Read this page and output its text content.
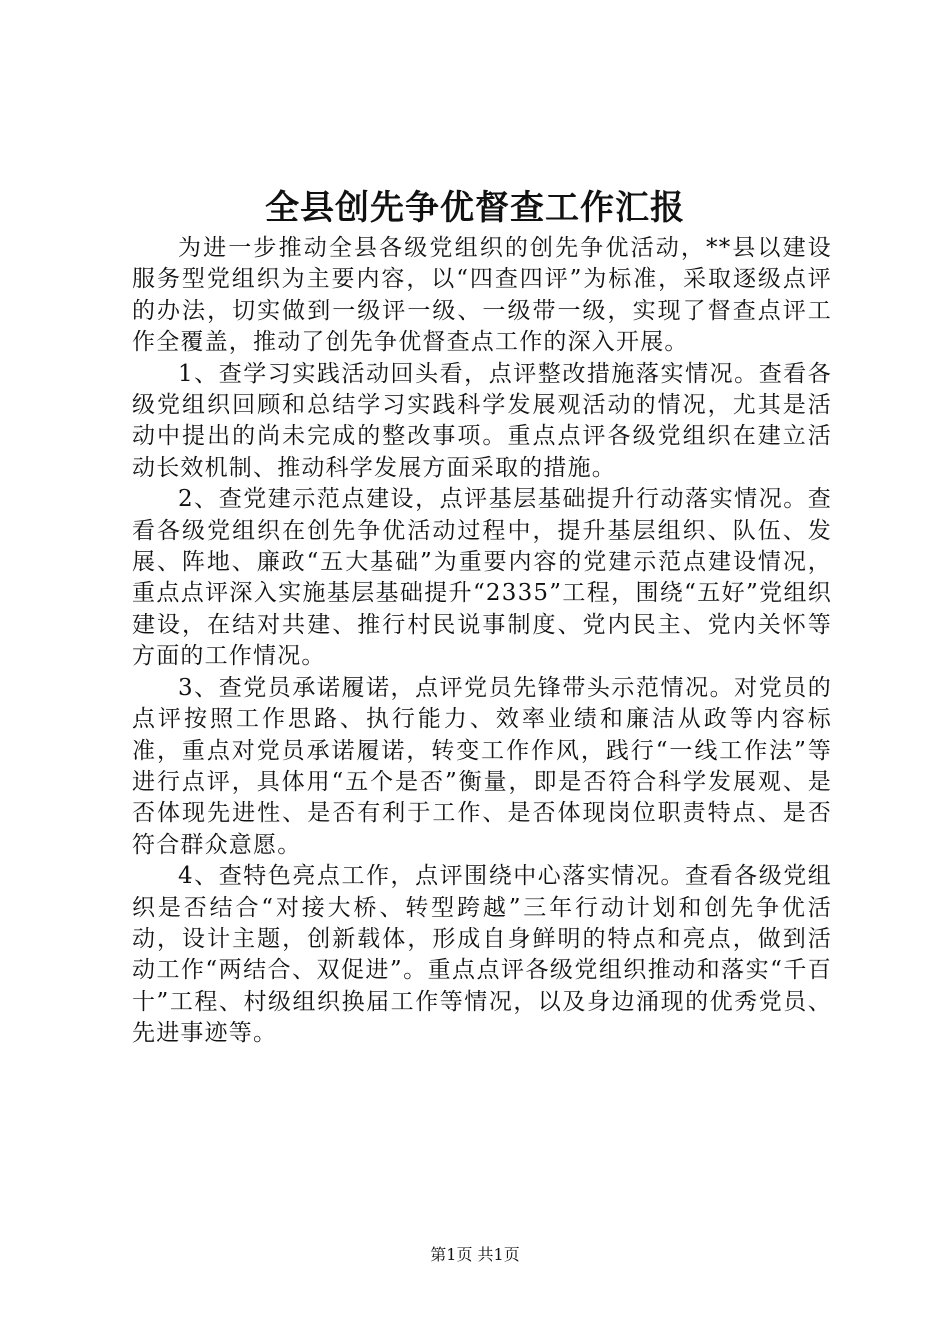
全县创先争优督查工作汇报

为进一步推动全县各级党组织的创先争优活动，**县以建设服务型党组织为主要内容，以“四查四评”为标准，采取逐级点评的办法，切实做到一级评一级、一级带一级，实现了督查点评工作全覆盖，推动了创先争优督查点工作的深入开展。

1、查学习实践活动回头看，点评整改措施落实情况。查看各级党组织回顾和总结学习实践科学发展观活动的情况，尤其是活动中提出的尚未完成的整改事项。重点点评各级党组织在建立活动长效机制、推动科学发展方面采取的措施。

2、查党建示范点建设，点评基层基础提升行动落实情况。查看各级党组织在创先争优活动过程中，提升基层组织、队伍、发展、阵地、廉政“五大基础”为重要内容的党建示范点建设情况，重点点评深入实施基层基础提升“2335”工程，围绕“五好”党组织建设，在结对共建、推行村民说事制度、党内民主、党内关怀等方面的工作情况。

3、查党员承诺履诺，点评党员先锋带头示范情况。对党员的点评按照工作思路、执行能力、效率业绩和廉洁从政等内容标准，重点对党员承诺履诺，转变工作作风，践行“一线工作法”等进行点评，具体用“五个是否”衡量，即是否符合科学发展观、是否体现先进性、是否有利于工作、是否体现岗位职责特点、是否符合群众意愿。

4、查特色亮点工作，点评围绕中心落实情况。查看各级党组织是否结合“对接大桥、转型跨越”三年行动计划和创先争优活动，设计主题，创新载体，形成自身鲜明的特点和亮点，做到活动工作“两结合、双促进”。重点点评各级党组织推动和落实“千百十”工程、村级组织换届工作等情况，以及身边涌现的优秀党员、先进事迹等。

第1页 共1页
